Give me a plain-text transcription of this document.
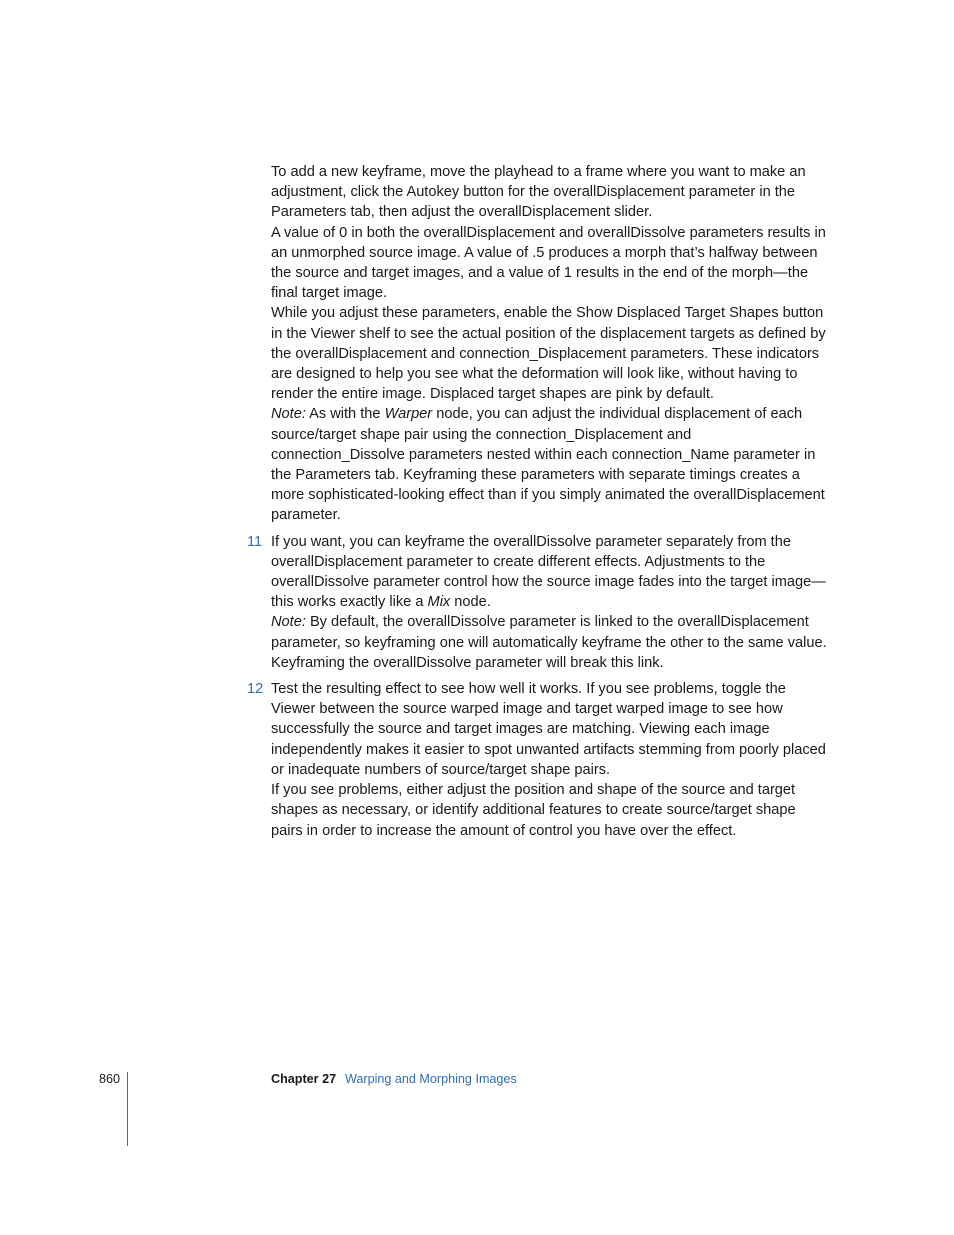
To add a new keyframe, move the playhead to a frame where you want to make an adjustment, click the Autokey button for the overallDisplacement parameter in the Parameters tab, then adjust the overallDisplacement slider.

A value of 0 in both the overallDisplacement and overallDissolve parameters results in an unmorphed source image. A value of .5 produces a morph that’s halfway between the source and target images, and a value of 1 results in the end of the morph—the final target image.

While you adjust these parameters, enable the Show Displaced Target Shapes button in the Viewer shelf to see the actual position of the displacement targets as defined by the overallDisplacement and connection_Displacement parameters. These indicators are designed to help you see what the deformation will look like, without having to render the entire image. Displaced target shapes are pink by default.

Note: As with the Warper node, you can adjust the individual displacement of each source/target shape pair using the connection_Displacement and connection_Dissolve parameters nested within each connection_Name parameter in the Parameters tab. Keyframing these parameters with separate timings creates a more sophisticated-looking effect than if you simply animated the overallDisplacement parameter.

11 If you want, you can keyframe the overallDissolve parameter separately from the overallDisplacement parameter to create different effects. Adjustments to the overallDissolve parameter control how the source image fades into the target image—this works exactly like a Mix node.

Note: By default, the overallDissolve parameter is linked to the overallDisplacement parameter, so keyframing one will automatically keyframe the other to the same value. Keyframing the overallDissolve parameter will break this link.

12 Test the resulting effect to see how well it works. If you see problems, toggle the Viewer between the source warped image and target warped image to see how successfully the source and target images are matching. Viewing each image independently makes it easier to spot unwanted artifacts stemming from poorly placed or inadequate numbers of source/target shape pairs.

If you see problems, either adjust the position and shape of the source and target shapes as necessary, or identify additional features to create source/target shape pairs in order to increase the amount of control you have over the effect.

860	Chapter 27 Warping and Morphing Images
